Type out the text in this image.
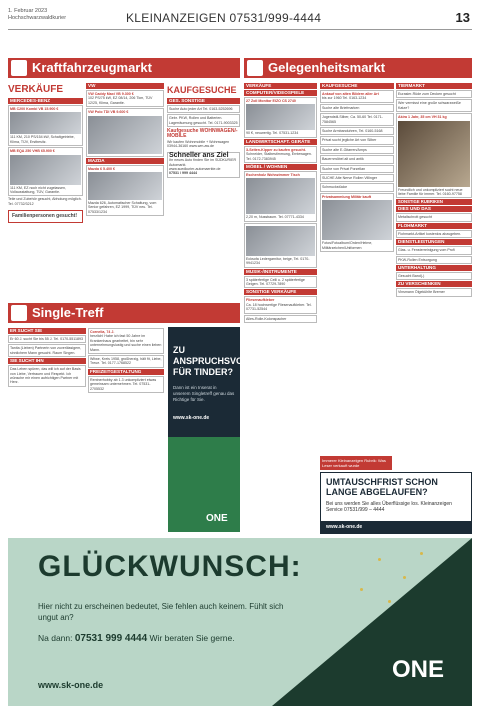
1. Februar 2023
Hochschwarzwaldkurier	KLEINANZEIGEN 07531/999-4444	13
Kraftfahrzeugmarkt	Gelegenheitsmarkt
VERKÄUFE
MERCEDES-BENZ
MB C200 Kombi VB 15.900 €
111 KM, 210 PS/154 kW, Schaltgetriebe, Klima, TÜV, Erstbesitz.
MB EQA 250 VHB 65.900 €
111 KM, EZ noch nicht zugelassen, Vollausstattung, TÜV, Garantie.
Teile und Zubehör gesucht, Abholung möglich. Tel. 07732/3212
Familienpersonen gesucht!
VW
VW Caddy Maxi VB 9.300 €
102 PS/75 kW, EZ 08/14, 206 Tkm, TÜV 12/25, Klima, Garantie.
VW Polo TDI VB 9.600 €
MAZDA
Mazda 6 5.400 €
Mazda 626, Automatischer Schaltung, vom Senior gefahren, EZ 1999, TÜV neu. Tel. 07533/1234
KAUFGESUCHE
GES. SONSTIGE
Suche Auto jeder Art Tel. 0163-5252696
Gebr. PKW, Rollen und Batterien. Lagerräumung gesucht. Tel. 0171-9003325
Kaufgesuche WOHNWAGEN/-MOBILE
Wir kaufen Wohnmobile + Wohnwagen 03944-36160 www.wm-aw.de
Schneller ans Ziel
Ihr neues Auto finden Sie im SÜDKURIER Automarkt.
www.suedkurier-automaerkte.de
07531 / 999 4444
Single-Treff
ER SUCHT SIE
Er 60 J. sucht Sie bis 55 J. Tel. 0170-5511893
Tanita (Lieben) Partnerin von zuverlässigem, sinnlichem Mann gesucht. Raum Singen.
SIE SUCHT IHN
Das Leben spüren, das will ich auf der Basis von Liebe, Vertrauen und Respekt. Ich wünsche mir einen aufrichtigen Partner mit Herz.
Cornelia, 74 J.
herzlich! Habe ich fast 50 Jahre im Krankenhaus gearbeitet, bin sehr unternehmungslustig und suche einen lieben Mann.
Witwe, Kreis 1958, großherzig, hält fit, Liebe, Treue. Tel. 0177-1768522
FREIZEITGESTALTUNG
Rentnerhobby ab 1.3 unkompliziert etwas gemeinsam unternehmen. Tel. 07531-2705532
ZU ANSPRUCHSVOLL FÜR TINDER?
Dann ist ein Inserat in unserem Singletreff genau das Richtige für Sie.
www.sk-one.de
ONE
VERKÄUFE
COMPUTER/VIDEOSPIELE
27 Zoll Monitor EIZO CS 2740
90 €, neuwertig. Tel. 07531-1234
LANDWIRTSCHAFT. GERÄTE
3-Seiten-Kipper zu kaufen gesucht.
Schneider, Stalbestimmung, Erntewagen. Tel. 0172-7383945
MÖBEL / WOHNEN
Eschenholz Wohnzimmer Tisch
2,20 m, Nussbaum. Tel. 07771-4334
Ecksofa Ledergarnitur, beige, Tel. 0170-9941234
MUSIK-/INSTRUMENTE
3 späterfertige Celli u. 2 späterfertige Geigen. Tel. 07729-7890
SONSTIGE VERKÄUFE
Fliesenaufkleber
Ca. 18 hochwertige Fliesenaufkleber. Tel. 07731-52544
Alles-Rolle-Kolonspacher
KAUFGESUCHE
Ankauf von alten Bildern aller Art
bis zur 1960 Tel. 0163-1234
Suche alte Briefmarken
Jugendstil-Silber, Ca. 50-60 Tel. 0171-7584565
Suche Armbanduhren, Tel. 0160-5168
Privat sucht jegliche Art von Silber
Suche alte E-Gitarren/Amps
Bauernmöbel alt und antik
Suche von Privat Porzellan
SUCHE Alte Nerve Rollen Villinger
Schmuckstücke
Privatsammlung Militär kauft
Fotos/Fotoalbum/Orden/Helme, Militärzeichen/Uniformen
TIERMARKT
Eurasier-Rüde zum Decken gesucht
Wer vermisst eine große schwarzweiße Katze?
Akira 1 Jahr, 35 cm VH 31 kg
Freundlich und unkompliziert sucht neue liebe Familie für immer. Tel. 0160-97758
SONSTIGE RUBRIKEN
DIES UND DAS
Metallschrott gesucht
FLOHMARKT
Flohmarkt-Artikel kostenlos abzugeben.
DIENSTLEISTUNGEN
Glas- u. Fensterreinigung vom Profi
PKW-Rollen Entsorgung
UNTERHALTUNG
Gesucht Band(-)
ZU VERSCHENKEN
Vinsmann Ölgekühlte Bremer
Immerer Kleinanzeigen Rubrik: Was Leser verkauft wurde
UMTAUSCHFRIST SCHON LANGE ABGELAUFEN?
Bei uns werden Sie alles Überflüssige los. Kleinanzeigen Service 07531/999 – 4444
www.sk-one.de
GLÜCKWUNSCH:
Hier nicht zu erscheinen bedeutet, Sie fehlen auch keinem. Fühlt sich ungut an?
Na dann: 07531 999 4444 Wir beraten Sie gerne.
www.sk-one.de
ONE
